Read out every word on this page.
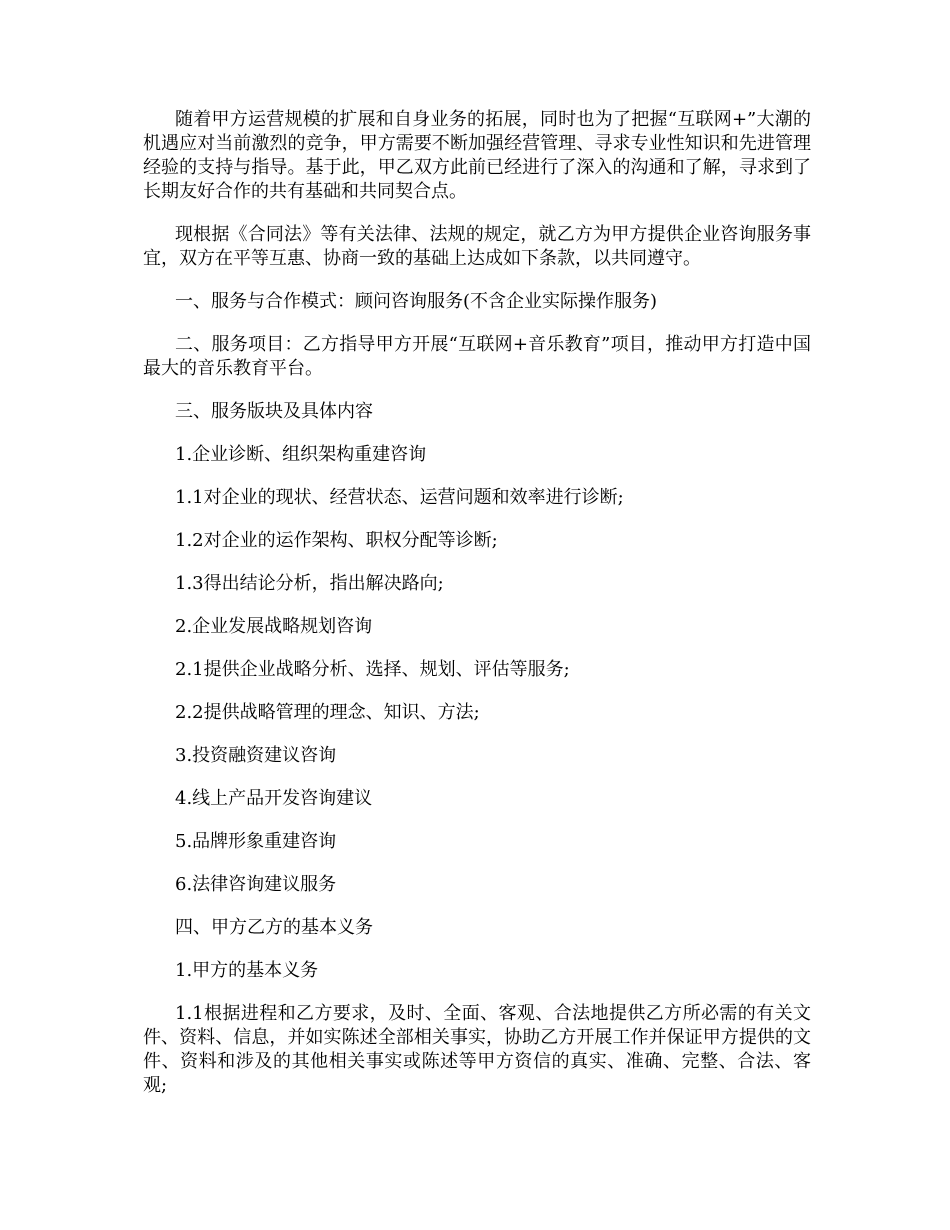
随着甲方运营规模的扩展和自身业务的拓展，同时也为了把握“互联网+”大潮的机遇应对当前激烈的竞争，甲方需要不断加强经营管理、寻求专业性知识和先进管理经验的支持与指导。基于此，甲乙双方此前已经进行了深入的沟通和了解，寻求到了长期友好合作的共有基础和共同契合点。

现根据《合同法》等有关法律、法规的规定，就乙方为甲方提供企业咨询服务事宜，双方在平等互惠、协商一致的基础上达成如下条款，以共同遵守。

一、服务与合作模式：顾问咨询服务(不含企业实际操作服务)

二、服务项目：乙方指导甲方开展“互联网+音乐教育”项目，推动甲方打造中国最大的音乐教育平台。

三、服务版块及具体内容

1.企业诊断、组织架构重建咨询

1.1对企业的现状、经营状态、运营问题和效率进行诊断;

1.2对企业的运作架构、职权分配等诊断;

1.3得出结论分析，指出解决路向;

2.企业发展战略规划咨询

2.1提供企业战略分析、选择、规划、评估等服务;

2.2提供战略管理的理念、知识、方法;

3.投资融资建议咨询

4.线上产品开发咨询建议

5.品牌形象重建咨询

6.法律咨询建议服务

四、甲方乙方的基本义务

1.甲方的基本义务

1.1根据进程和乙方要求，及时、全面、客观、合法地提供乙方所必需的有关文件、资料、信息，并如实陈述全部相关事实，协助乙方开展工作并保证甲方提供的文件、资料和涉及的其他相关事实或陈述等甲方资信的真实、准确、完整、合法、客观;
